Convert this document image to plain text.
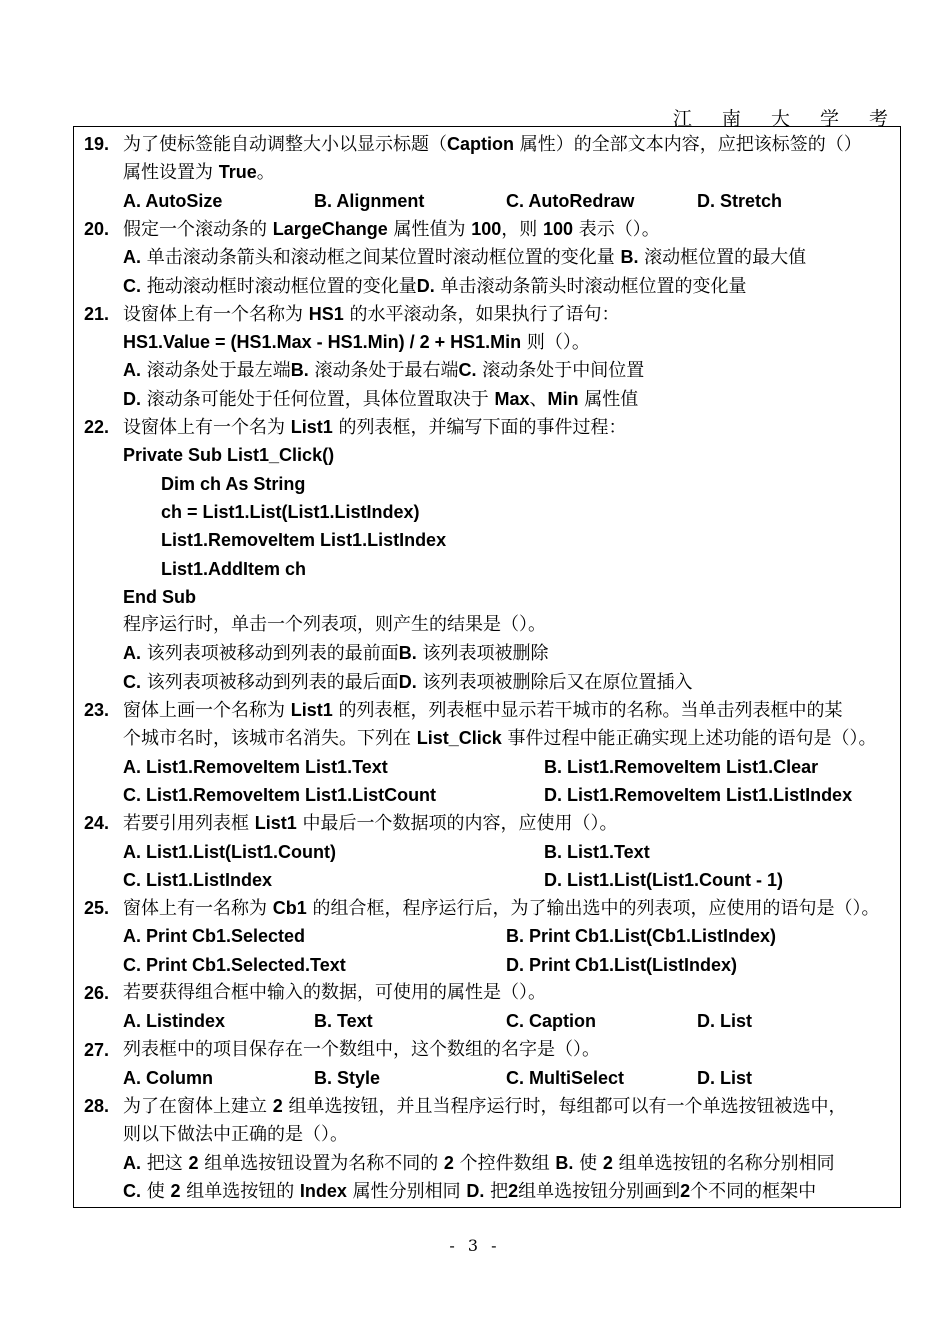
江 南 大 学 考
19. 为了使标签能自动调整大小以显示标题（Caption 属性）的全部文本内容，应把该标签的（）
属性设置为 True。
A. AutoSize	B. Alignment	C. AutoRedraw	D. Stretch
20. 假定一个滚动条的 LargeChange 属性值为 100，则 100 表示（）。
A. 单击滚动条箭头和滚动框之间某位置时滚动框位置的变化量 B. 滚动框位置的最大值
C. 拖动滚动框时滚动框位置的变化量D. 单击滚动条箭头时滚动框位置的变化量
21. 设窗体上有一个名称为 HS1 的水平滚动条，如果执行了语句：
HS1.Value = (HS1.Max - HS1.Min) / 2 + HS1.Min 则（）。
A. 滚动条处于最左端B. 滚动条处于最右端C. 滚动条处于中间位置
D. 滚动条可能处于任何位置，具体位置取决于 Max、Min 属性值
22. 设窗体上有一个名为 List1 的列表框，并编写下面的事件过程：
Private Sub List1_Click()
Dim ch As String
ch = List1.List(List1.ListIndex)
List1.RemoveItem List1.ListIndex
List1.AddItem ch
End Sub
程序运行时，单击一个列表项，则产生的结果是（）。
A. 该列表项被移动到列表的最前面B. 该列表项被删除
C. 该列表项被移动到列表的最后面D. 该列表项被删除后又在原位置插入
23. 窗体上画一个名称为 List1 的列表框，列表框中显示若干城市的名称。当单击列表框中的某
个城市名时，该城市名消失。下列在 List_Click 事件过程中能正确实现上述功能的语句是（）。
A. List1.RemoveItem List1.Text	B. List1.RemoveItem List1.Clear
C. List1.RemoveItem List1.ListCount	D. List1.RemoveItem List1.ListIndex
24. 若要引用列表框 List1 中最后一个数据项的内容，应使用（）。
A. List1.List(List1.Count)	B. List1.Text
C. List1.ListIndex	D. List1.List(List1.Count - 1)
25. 窗体上有一名称为 Cb1 的组合框，程序运行后，为了输出选中的列表项，应使用的语句是（）。
A. Print Cb1.Selected	B. Print Cb1.List(Cb1.ListIndex)
C. Print Cb1.Selected.Text	D. Print Cb1.List(ListIndex)
26. 若要获得组合框中输入的数据，可使用的属性是（）。
A. Listindex	B. Text	C. Caption	D. List
27. 列表框中的项目保存在一个数组中，这个数组的名字是（）。
A. Column	B. Style	C. MultiSelect	D. List
28. 为了在窗体上建立 2 组单选按钮，并且当程序运行时，每组都可以有一个单选按钮被选中，
则以下做法中正确的是（）。
A. 把这 2 组单选按钮设置为名称不同的 2 个控件数组 B. 使 2 组单选按钮的名称分别相同
C. 使 2 组单选按钮的 Index 属性分别相同 D. 把2组单选按钮分别画到2个不同的框架中
- 3 -
